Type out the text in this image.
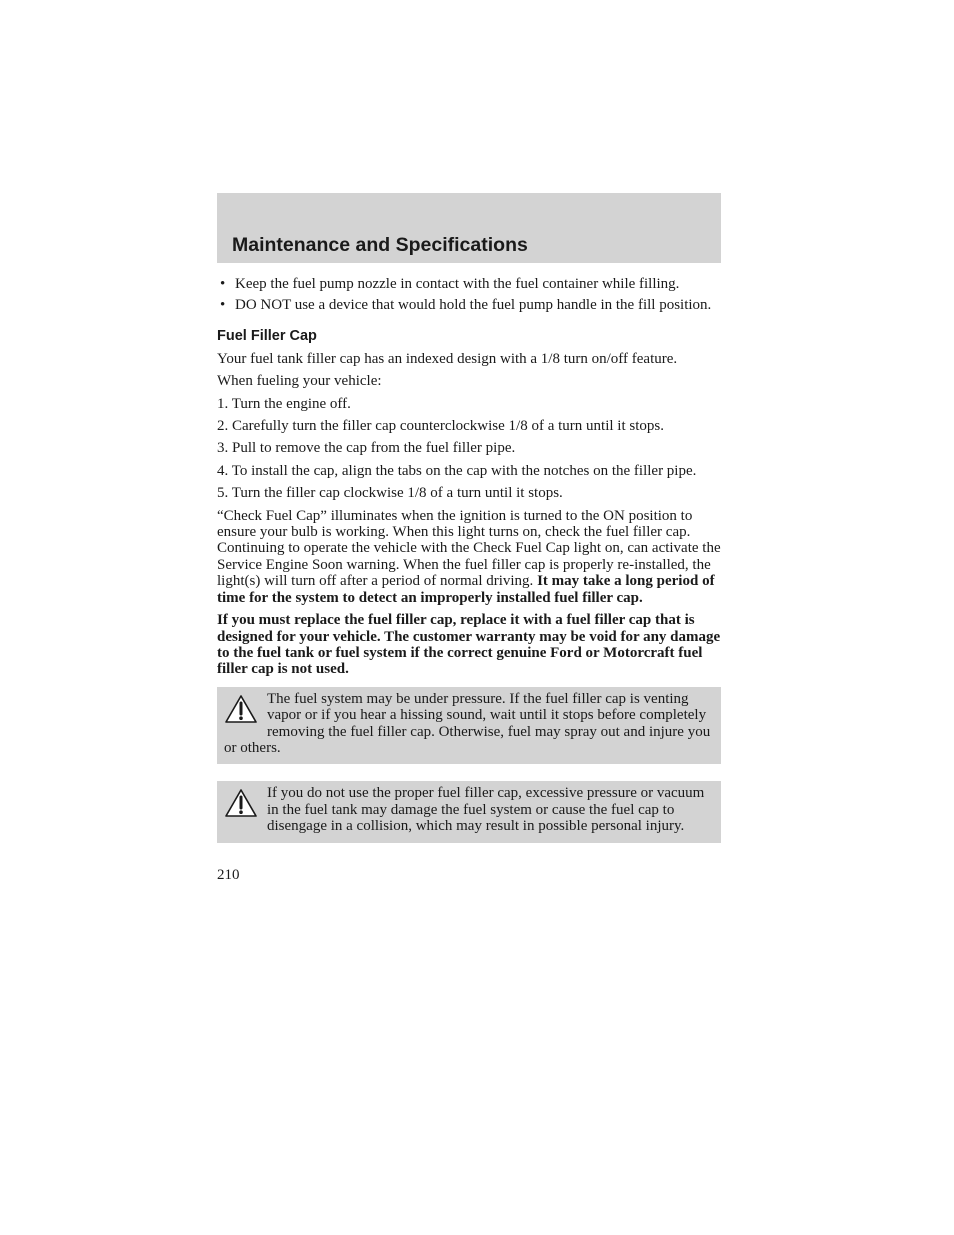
Maintenance and Specifications
• Keep the fuel pump nozzle in contact with the fuel container while filling.
• DO NOT use a device that would hold the fuel pump handle in the fill position.
Fuel Filler Cap

Your fuel tank filler cap has an indexed design with a 1/8 turn on/off feature.

When fueling your vehicle:

1. Turn the engine off.

2. Carefully turn the filler cap counterclockwise 1/8 of a turn until it stops.

3. Pull to remove the cap from the fuel filler pipe.

4. To install the cap, align the tabs on the cap with the notches on the filler pipe.

5. Turn the filler cap clockwise 1/8 of a turn until it stops.

“Check Fuel Cap” illuminates when the ignition is turned to the ON position to ensure your bulb is working. When this light turns on, check the fuel filler cap. Continuing to operate the vehicle with the Check Fuel Cap light on, can activate the Service Engine Soon warning. When the fuel filler cap is properly re-installed, the light(s) will turn off after a period of normal driving. It may take a long period of time for the system to detect an improperly installed fuel filler cap.

If you must replace the fuel filler cap, replace it with a fuel filler cap that is designed for your vehicle. The customer warranty may be void for any damage to the fuel tank or fuel system if the correct genuine Ford or Motorcraft fuel filler cap is not used.

The fuel system may be under pressure. If the fuel filler cap is venting vapor or if you hear a hissing sound, wait until it stops before completely removing the fuel filler cap. Otherwise, fuel may spray out and injure you or others.
If you do not use the proper fuel filler cap, excessive pressure or vacuum in the fuel tank may damage the fuel system or cause the fuel cap to disengage in a collision, which may result in possible personal injury.
210
